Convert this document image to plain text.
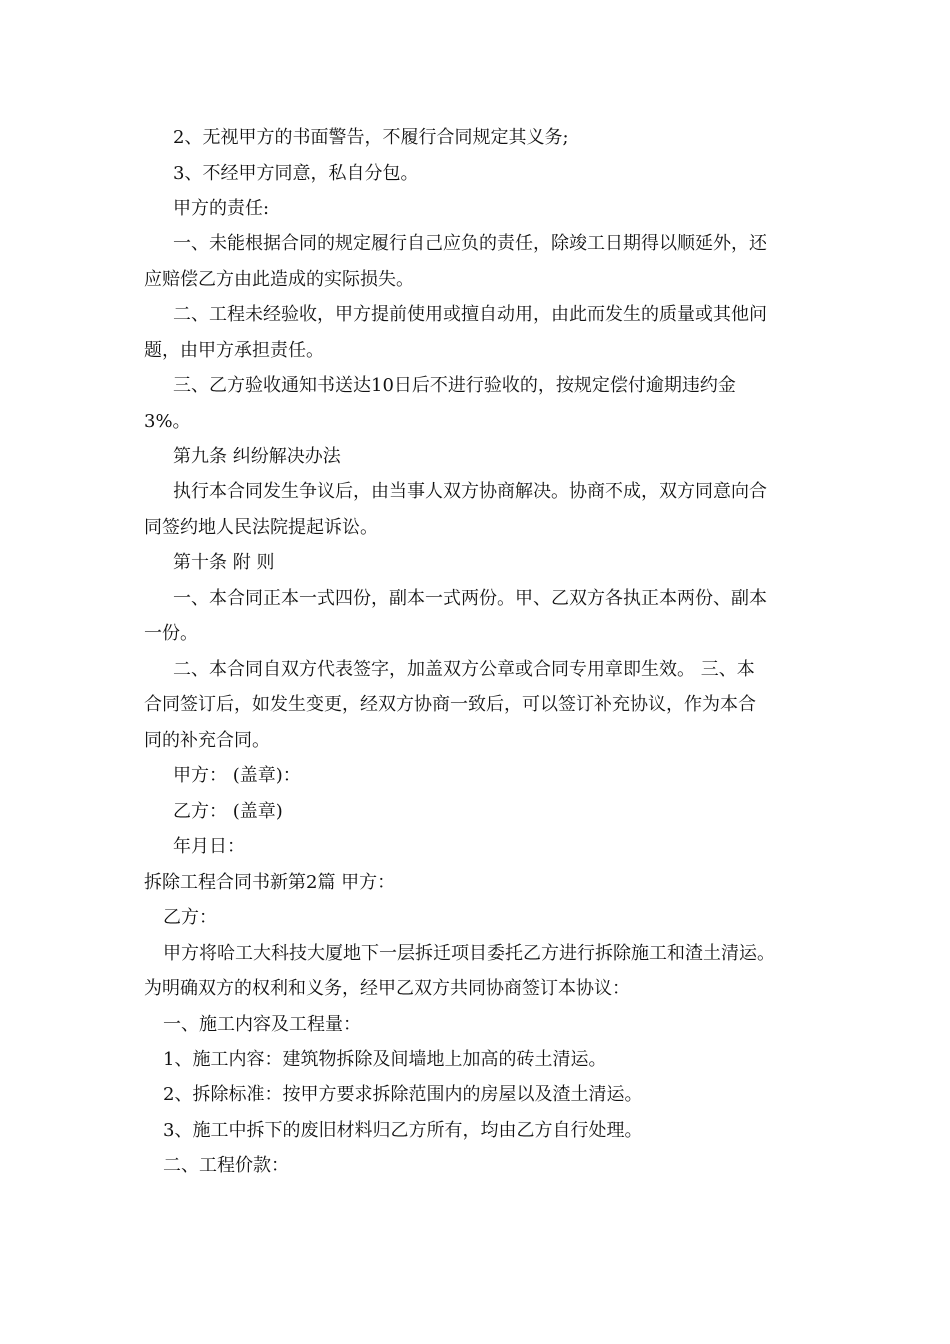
2、无视甲方的书面警告，不履行合同规定其义务;

3、不经甲方同意，私自分包。

甲方的责任:

一、未能根据合同的规定履行自己应负的责任，除竣工日期得以顺延外，还

应赔偿乙方由此造成的实际损失。

二、工程未经验收，甲方提前使用或擅自动用，由此而发生的质量或其他问

题，由甲方承担责任。

三、乙方验收通知书送达10日后不进行验收的，按规定偿付逾期违约金

3%。

第九条 纠纷解决办法

执行本合同发生争议后，由当事人双方协商解决。协商不成，双方同意向合

同签约地人民法院提起诉讼。

第十条 附 则

一、本合同正本一式四份，副本一式两份。甲、乙双方各执正本两份、副本

一份。

二、本合同自双方代表签字，加盖双方公章或合同专用章即生效。 三、本

合同签订后，如发生变更，经双方协商一致后，可以签订补充协议，作为本合

同的补充合同。

甲方： (盖章)：

乙方： (盖章)

年月日：

拆除工程合同书新第2篇 甲方：

乙方：

甲方将哈工大科技大厦地下一层拆迁项目委托乙方进行拆除施工和渣土清运。

为明确双方的权利和义务，经甲乙双方共同协商签订本协议：

一、施工内容及工程量：

1、施工内容：建筑物拆除及间墙地上加高的砖土清运。

2、拆除标准：按甲方要求拆除范围内的房屋以及渣土清运。

3、施工中拆下的废旧材料归乙方所有，均由乙方自行处理。

二、工程价款：
